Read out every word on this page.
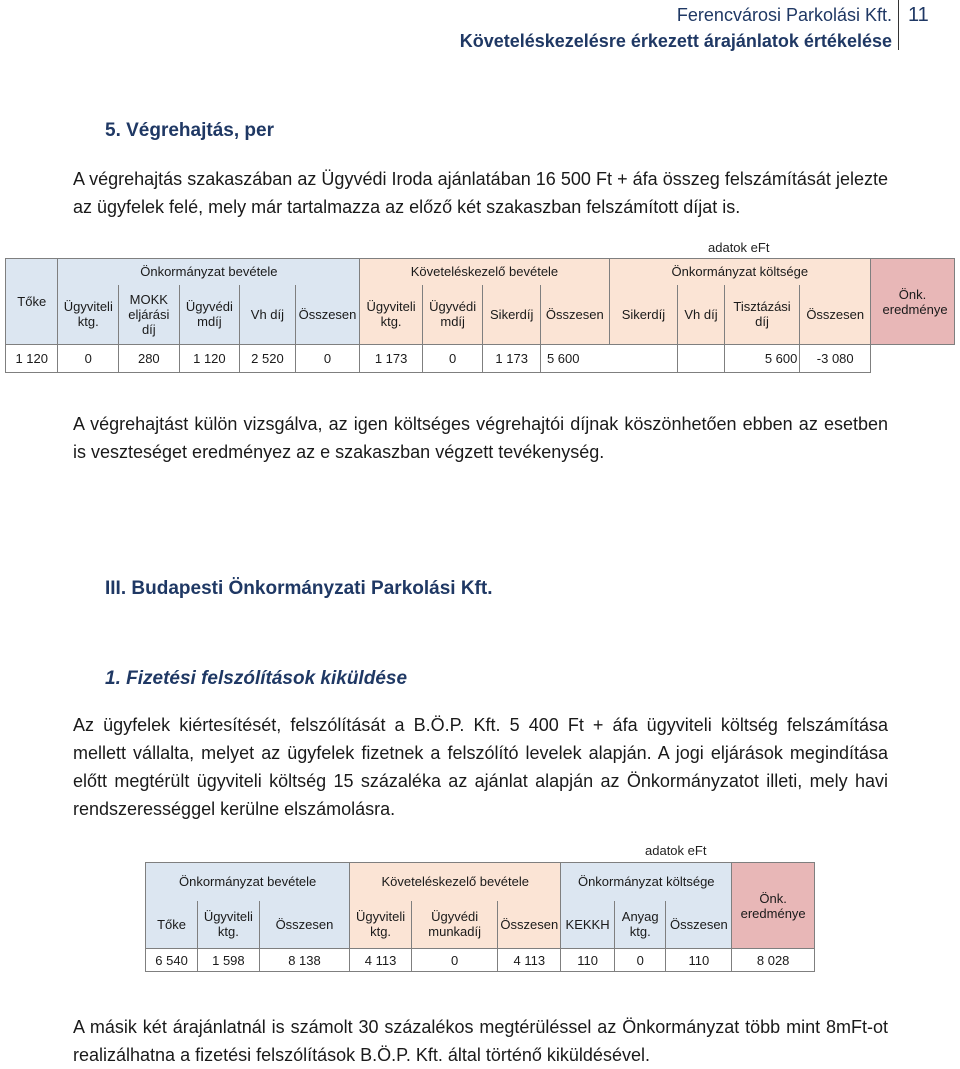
Ferencvárosi Parkolási Kft.
Követeléskezelésre érkezett árajánlatok értékelése
11
5. Végrehajtás, per
A végrehajtás szakaszában az Ügyvédi Iroda ajánlatában 16 500 Ft + áfa összeg felszámítását jelezte az ügyfelek felé, mely már tartalmazza az előző két szakaszban felszámított díjat is.
adatok eFt
Tőke	Önkormányzat bevétele					Követeléskezelő bevétele				Önkormányzat költsége				Önk. eredménye
	Ügyviteli ktg.	MOKK eljárási díj	Ügyvédi mdíj	Vh díj	Összesen	Ügyviteli ktg.	Ügyvédi mdíj	Sikerdíj	Összesen	Sikerdíj	Vh díj	Tisztázási díj	Összesen	
1 120	0	280	1 120	2 520	0	1 173	0	1 173	5 600			5 600	-3 080	
A végrehajtást külön vizsgálva, az igen költséges végrehajtói díjnak köszönhetően ebben az esetben is veszteséget eredményez az e szakaszban végzett tevékenység.
III. Budapesti Önkormányzati Parkolási Kft.
1. Fizetési felszólítások kiküldése
Az ügyfelek kiértesítését, felszólítását a B.Ö.P. Kft. 5 400 Ft + áfa ügyviteli költség felszámítása mellett vállalta, melyet az ügyfelek fizetnek a felszólító levelek alapján. A jogi eljárások megindítása előtt megtérült ügyviteli költség 15 százaléka az ajánlat alapján az Önkormányzatot illeti, mely havi rendszerességgel kerülne elszámolásra.
adatok eFt
Önkormányzat bevétele			Követeléskezelő bevétele			Önkormányzat költsége			Önk. eredménye
Tőke	Ügyviteli ktg.	Összesen	Ügyviteli ktg.	Ügyvédi munkadíj	Összesen	KEKKH	Anyag ktg.	Összesen	
6 540	1 598	8 138	4 113	0	4 113	110	0	110	8 028
A másik két árajánlatnál is számolt 30 százalékos megtérüléssel az Önkormányzat több mint 8mFt-ot realizálhatna a fizetési felszólítások B.Ö.P. Kft. által történő kiküldésével.
